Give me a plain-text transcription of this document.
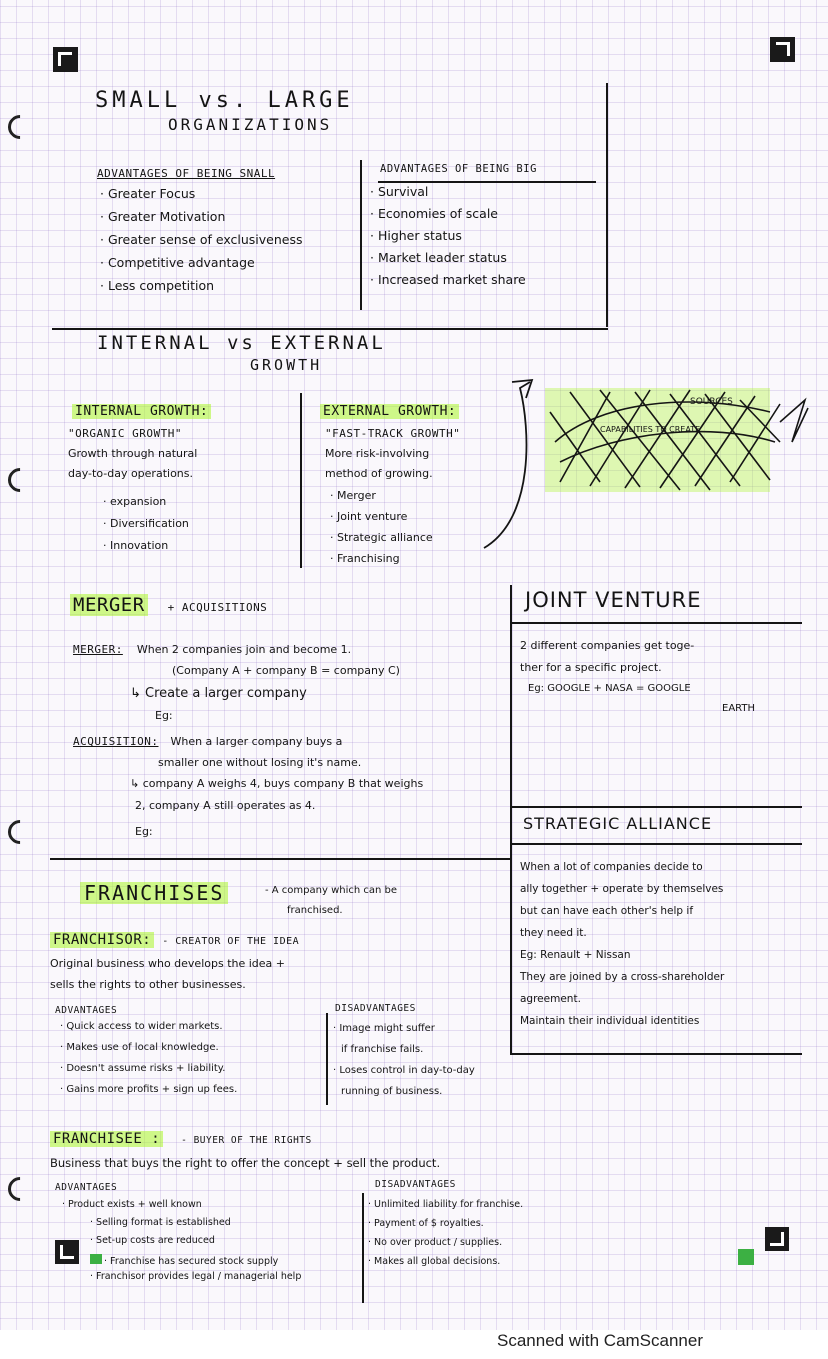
SMALL vs. LARGE
ORGANIZATIONS
ADVANTAGES OF BEING SNALL
· Greater Focus
· Greater Motivation
· Greater sense of exclusiveness
· Competitive advantage
· Less competition
ADVANTAGES OF BEING BIG
· Survival
· Economies of scale
· Higher status
· Market leader status
· Increased market share
INTERNAL vs EXTERNAL
GROWTH
INTERNAL GROWTH:
"ORGANIC GROWTH"
Growth through natural
day-to-day operations.
· expansion
· Diversification
· Innovation
EXTERNAL GROWTH:
"FAST-TRACK GROWTH"
More risk-involving
method of growing.
· Merger
· Joint venture
· Strategic alliance
· Franchising
SOURCES
CAPABILITIES TO CREATE
MERGER + ACQUISITIONS
MERGER: When 2 companies join and become 1.
(Company A + company B = company C)
↳ Create a larger company
Eg:
ACQUISITION: When a larger company buys a
smaller one without losing it's name.
↳ company A weighs 4, buys company B that weighs
2, company A still operates as 4.
Eg:
JOINT VENTURE
2 different companies get toge-
ther for a specific project.
Eg: GOOGLE + NASA = GOOGLE
EARTH
STRATEGIC ALLIANCE
When a lot of companies decide to
ally together + operate by themselves
but can have each other's help if
they need it.
Eg: Renault + Nissan
They are joined by a cross-shareholder
agreement.
Maintain their individual identities
FRANCHISES	- A company which can be
franchised.
FRANCHISOR: - CREATOR OF THE IDEA
Original business who develops the idea +
sells the rights to other businesses.
ADVANTAGES
· Quick access to wider markets.
· Makes use of local knowledge.
· Doesn't assume risks + liability.
· Gains more profits + sign up fees.
DISADVANTAGES
· Image might suffer
if franchise fails.
· Loses control in day-to-day
running of business.
FRANCHISEE : - BUYER OF THE RIGHTS
Business that buys the right to offer the concept + sell the product.
ADVANTAGES
· Product exists + well known
· Selling format is established
· Set-up costs are reduced
· Franchise has secured stock supply
· Franchisor provides legal / managerial help
DISADVANTAGES
· Unlimited liability for franchise.
· Payment of $ royalties.
· No over product / supplies.
· Makes all global decisions.
Scanned with CamScanner
